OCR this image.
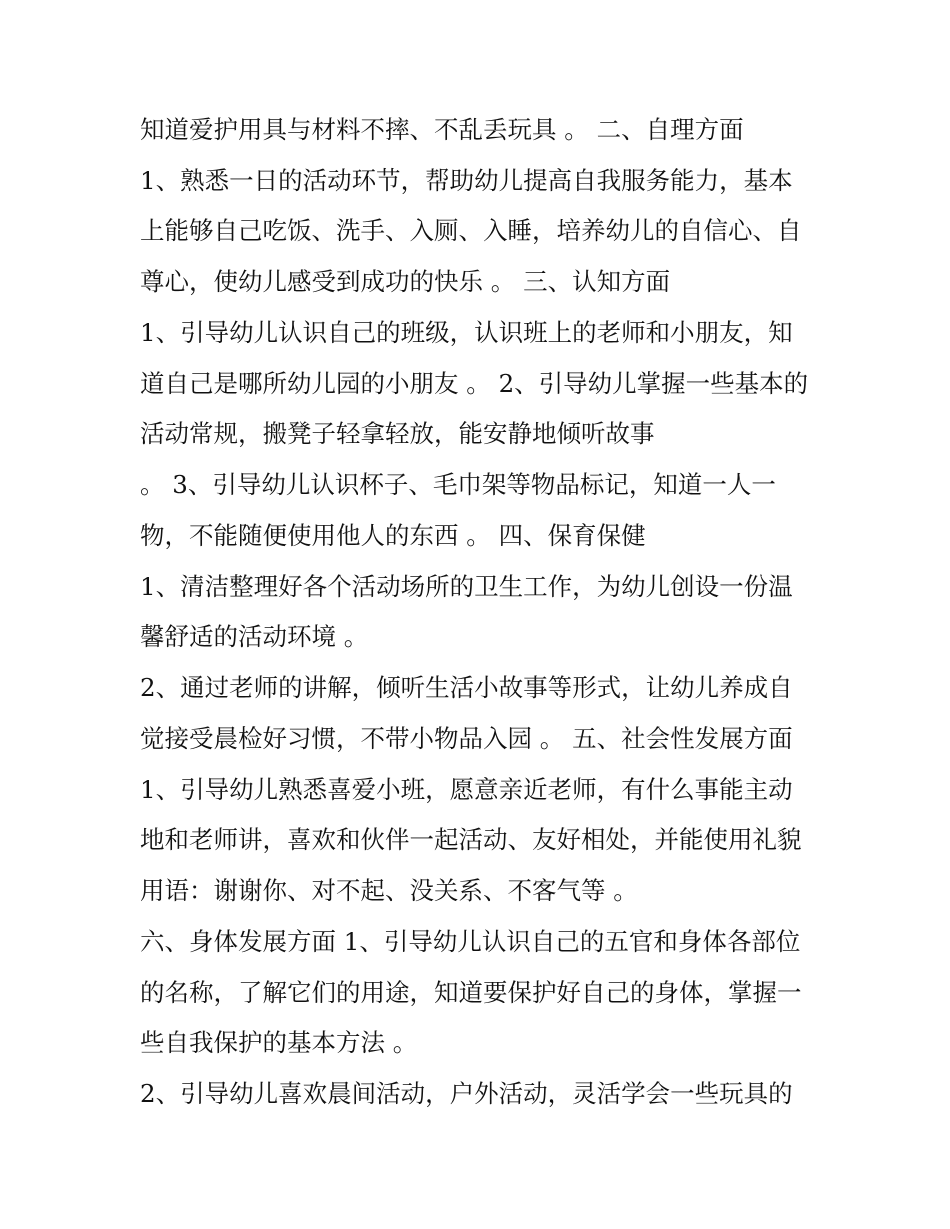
知道爱护用具与材料不摔、不乱丢玩具 。 二、自理方面
1、熟悉一日的活动环节，帮助幼儿提高自我服务能力，基本
上能够自己吃饭、洗手、入厕、入睡，培养幼儿的自信心、自
尊心，使幼儿感受到成功的快乐 。 三、认知方面
1、引导幼儿认识自己的班级，认识班上的老师和小朋友，知
道自己是哪所幼儿园的小朋友 。 2、引导幼儿掌握一些基本的
活动常规，搬凳子轻拿轻放，能安静地倾听故事
。 3、引导幼儿认识杯子、毛巾架等物品标记，知道一人一
物，不能随便使用他人的东西 。 四、保育保健
1、清洁整理好各个活动场所的卫生工作，为幼儿创设一份温
馨舒适的活动环境 。
2、通过老师的讲解，倾听生活小故事等形式，让幼儿养成自
觉接受晨检好习惯，不带小物品入园 。 五、社会性发展方面
1、引导幼儿熟悉喜爱小班，愿意亲近老师，有什么事能主动
地和老师讲，喜欢和伙伴一起活动、友好相处，并能使用礼貌
用语：谢谢你、对不起、没关系、不客气等 。
六、身体发展方面 1、引导幼儿认识自己的五官和身体各部位
的名称，了解它们的用途，知道要保护好自己的身体，掌握一
些自我保护的基本方法 。
2、引导幼儿喜欢晨间活动，户外活动，灵活学会一些玩具的
